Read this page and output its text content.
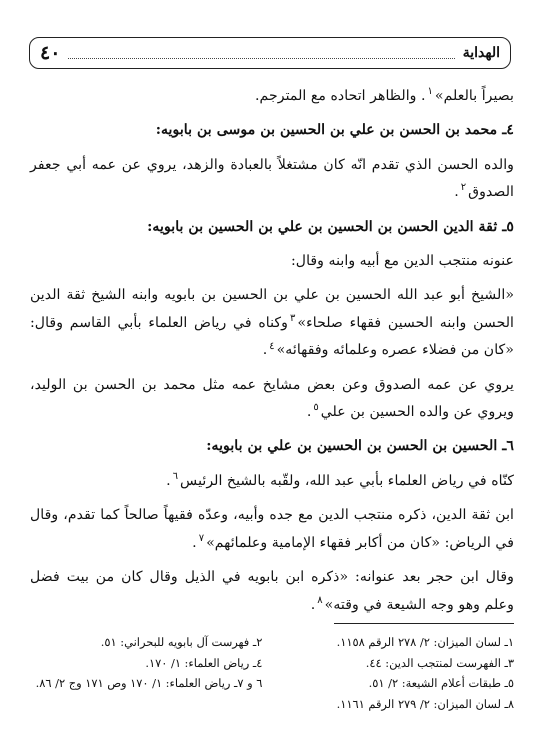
٤٠	الهداية

بصيراً بالعلم»$^١$. والظاهر اتحاده مع المترجم.

٤ـ محمد بن الحسن بن علي بن الحسين بن موسى بن بابويه:

والده الحسن الذي تقدم انّه كان مشتغلاً بالعبادة والزهد، يروي عن عمه أبي جعفر الصدوق$^٢$.

٥ـ ثقة الدين الحسن بن الحسين بن علي بن الحسين بن بابويه:

عنونه منتجب الدين مع أبيه وابنه وقال:

«الشيخ أبو عبد الله الحسين بن علي بن الحسين بن بابويه وابنه الشيخ ثقة الدين الحسن وابنه الحسين فقهاء صلحاء»$^٣$وكناه في رياض العلماء بأبي القاسم وقال: «كان من فضلاء عصره وعلمائه وفقهائه»$^٤$.

يروي عن عمه الصدوق وعن بعض مشايخ عمه مثل محمد بن الحسن بن الوليد، ويروي عن والده الحسين بن علي$^٥$.

٦ـ الحسين بن الحسن بن الحسين بن علي بن بابويه:

كنّاه في رياض العلماء بأبي عبد الله، ولقّبه بالشيخ الرئيس$^٦$.

ابن ثقة الدين، ذكره منتجب الدين مع جده وأبيه، وعدّه فقيهاً صالحاً كما تقدم، وقال في الرياض: «كان من أكابر فقهاء الإمامية وعلمائهم»$^٧$.

وقال ابن حجر بعد عنوانه: «ذكره ابن بابويه في الذيل وقال كان من بيت فضل وعلم وهو وجه الشيعة في وقته»$^٨$.

١ـ لسان الميزان: ٢/ ٢٧٨ الرقم ١١٥٨.
٢ـ فهرست آل بابويه للبحراني: ٥١.
٣ـ الفهرست لمنتجب الدين: ٤٤.
٤ـ رياض العلماء: ١/ ١٧٠.
٥ـ طبقات أعلام الشيعة: ٢/ ٥١.
٦ و ٧ـ رياض العلماء: ١/ ١٧٠ وص ١٧١ وج ٢/ ٨٦.
٨ـ لسان الميزان: ٢/ ٢٧٩ الرقم ١١٦١.
